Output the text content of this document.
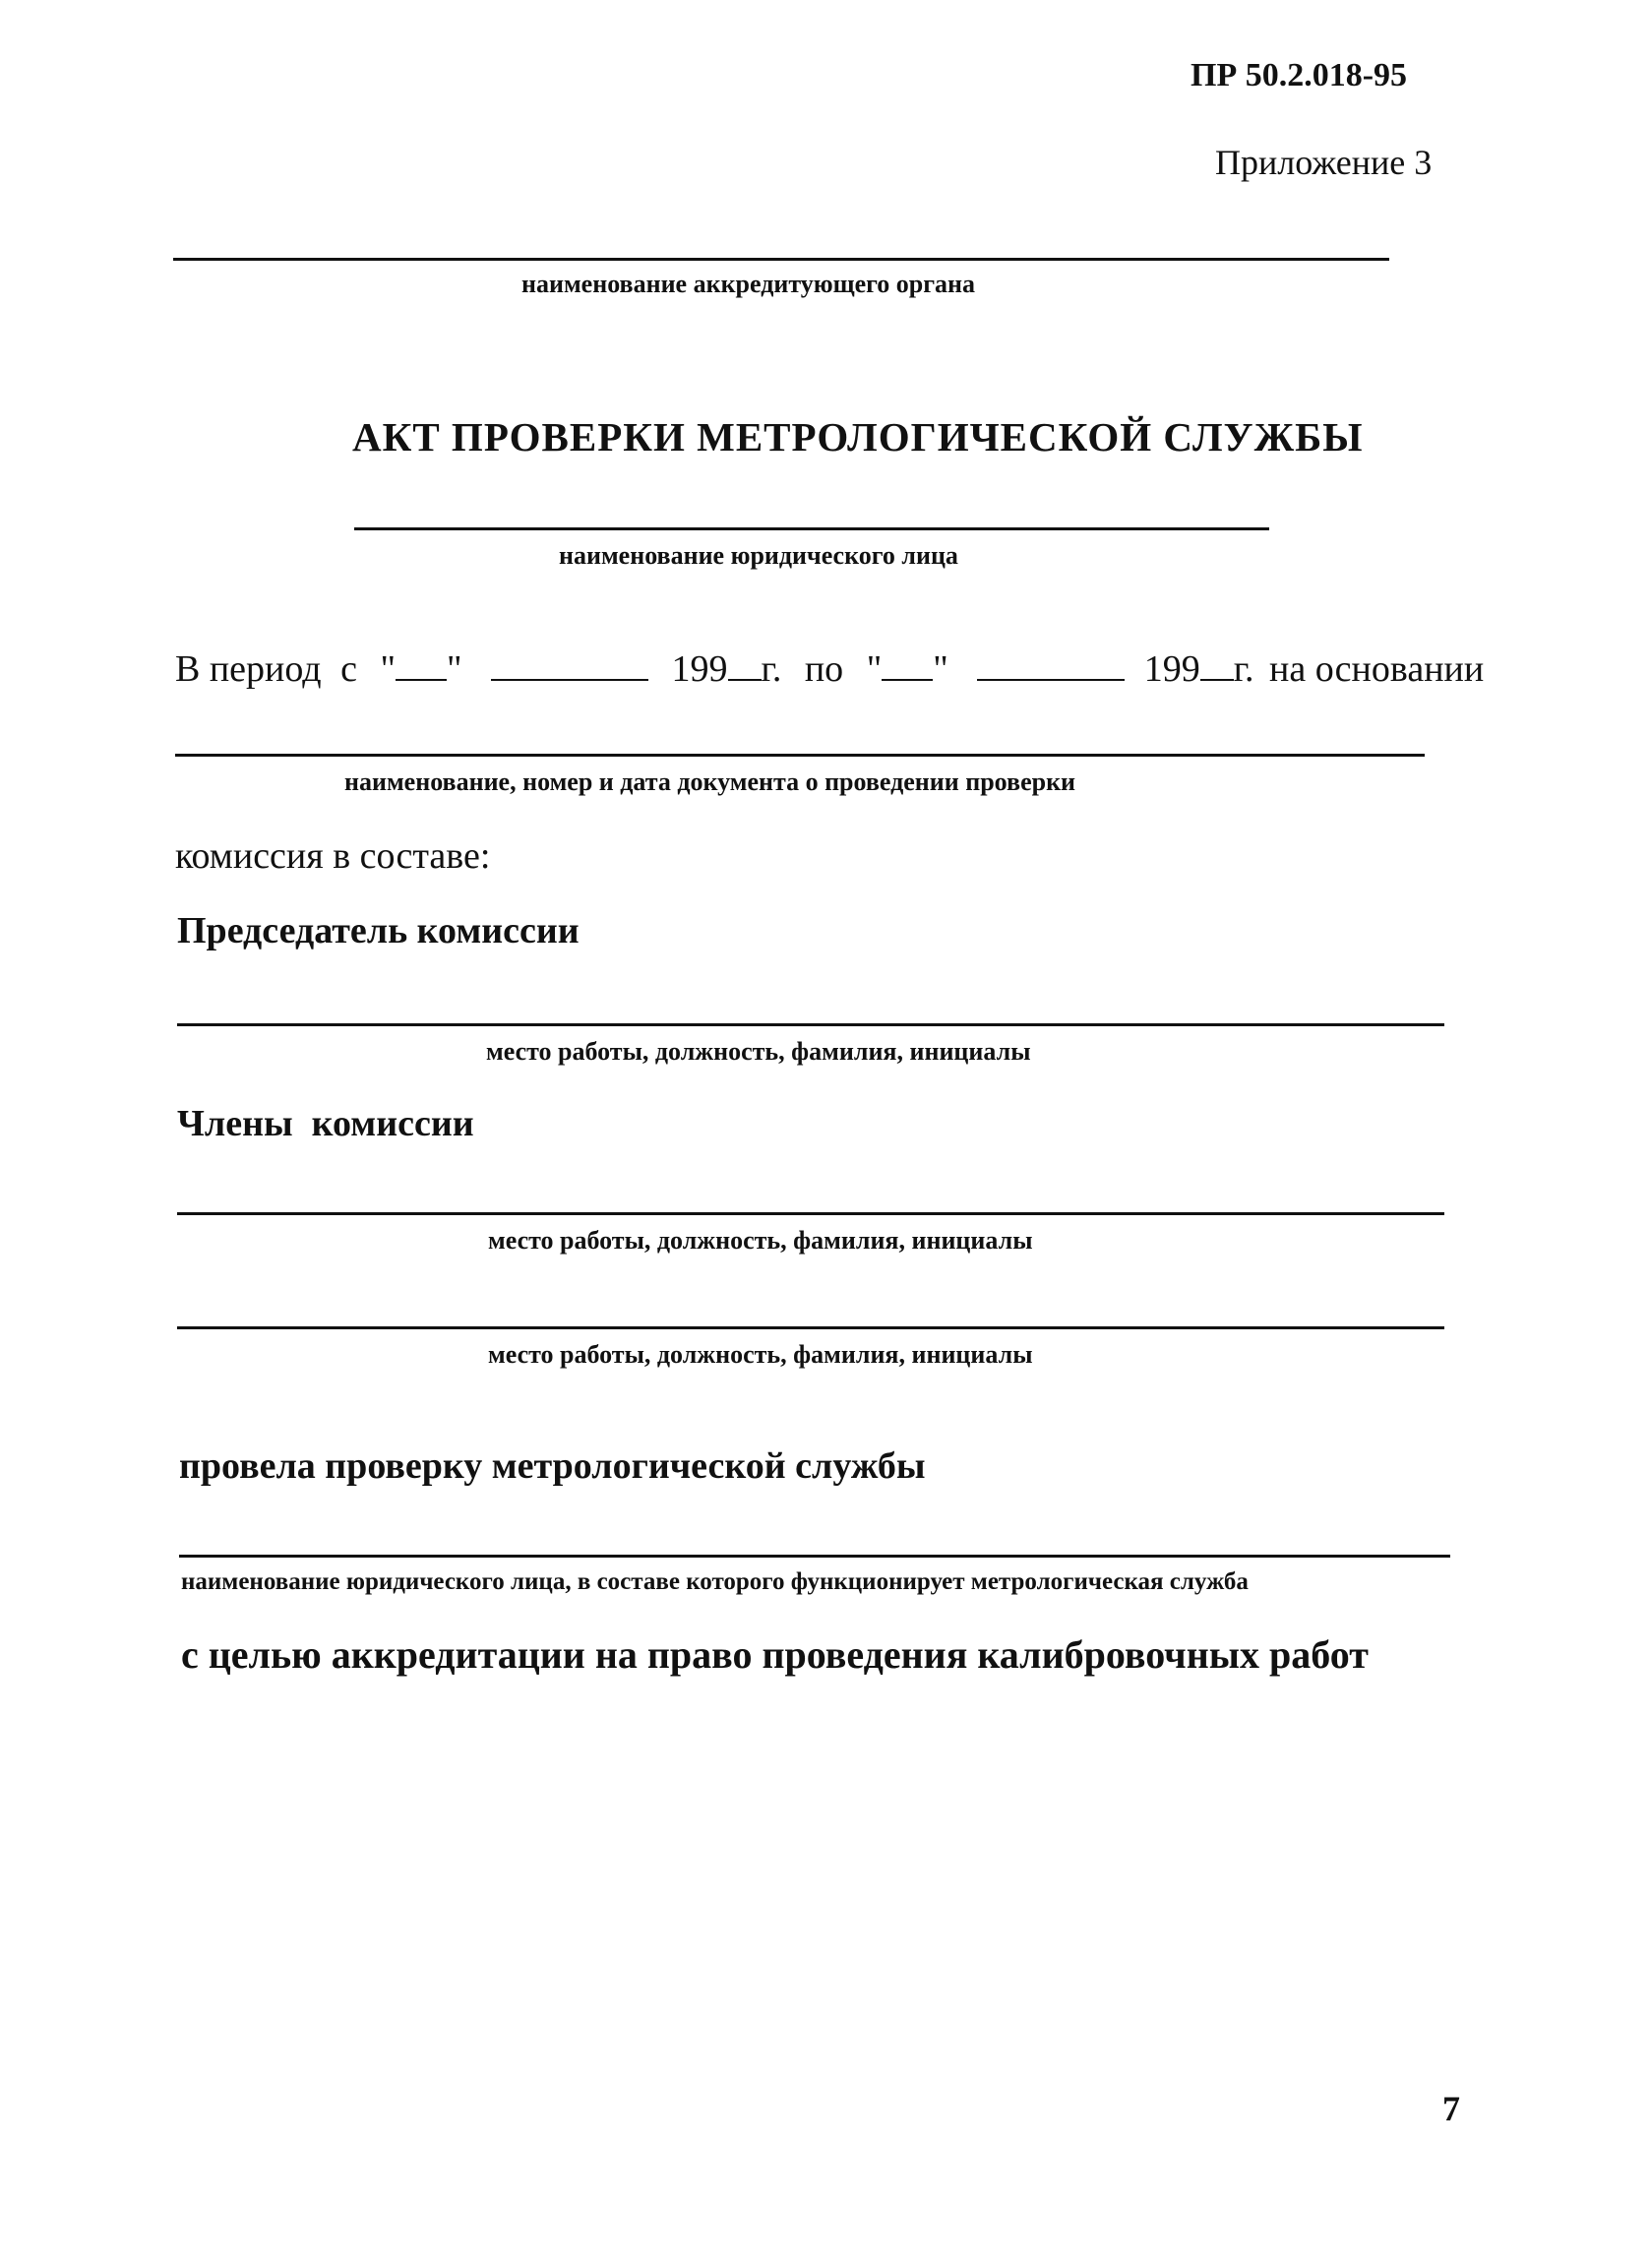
ПР 50.2.018-95
Приложение 3
наименование аккредитующего органа
АКТ ПРОВЕРКИ МЕТРОЛОГИЧЕСКОЙ СЛУЖБЫ
наименование юридического лица
В период с " "	199 г. по " "	199 г. на основании
наименование, номер и дата документа о проведении проверки
комиссия в составе:
Председатель комиссии
место работы, должность, фамилия, инициалы
Члены  комиссии
место работы, должность, фамилия, инициалы
место работы, должность, фамилия, инициалы
провела проверку метрологической службы
наименование юридического лица, в составе которого функционирует метрологическая служба
с целью аккредитации на право проведения калибровочных работ
7
